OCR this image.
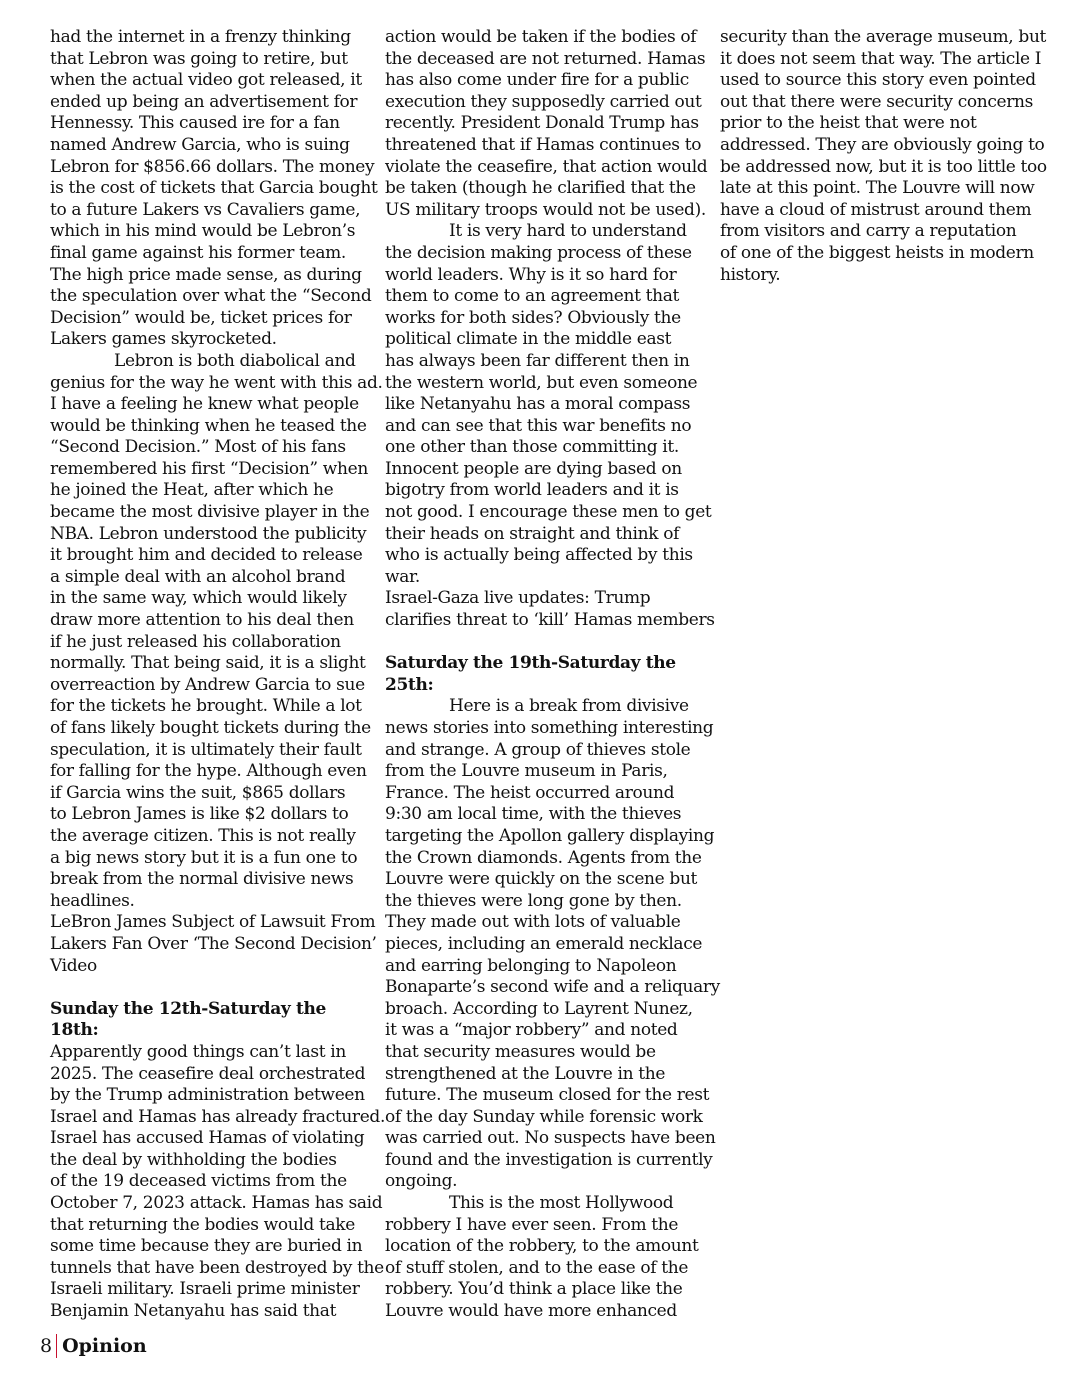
had the internet in a frenzy thinking
that Lebron was going to retire, but
when the actual video got released, it
ended up being an advertisement for
Hennessy. This caused ire for a fan
named Andrew Garcia, who is suing
Lebron for $856.66 dollars. The money
is the cost of tickets that Garcia bought
to a future Lakers vs Cavaliers game,
which in his mind would be Lebron’s
final game against his former team.
The high price made sense, as during
the speculation over what the “Second
Decision” would be, ticket prices for
Lakers games skyrocketed.
Lebron is both diabolical and
genius for the way he went with this ad.
I have a feeling he knew what people
would be thinking when he teased the
“Second Decision.” Most of his fans
remembered his first “Decision” when
he joined the Heat, after which he
became the most divisive player in the
NBA. Lebron understood the publicity
it brought him and decided to release
a simple deal with an alcohol brand
in the same way, which would likely
draw more attention to his deal then
if he just released his collaboration
normally. That being said, it is a slight
overreaction by Andrew Garcia to sue
for the tickets he brought. While a lot
of fans likely bought tickets during the
speculation, it is ultimately their fault
for falling for the hype. Although even
if Garcia wins the suit, $865 dollars
to Lebron James is like $2 dollars to
the average citizen. This is not really
a big news story but it is a fun one to
break from the normal divisive news
headlines.
LeBron James Subject of Lawsuit From
Lakers Fan Over ‘The Second Decision’
Video
Sunday the 12th-Saturday the
18th:
Apparently good things can’t last in
2025. The ceasefire deal orchestrated
by the Trump administration between
Israel and Hamas has already fractured.
Israel has accused Hamas of violating
the deal by withholding the bodies
of the 19 deceased victims from the
October 7, 2023 attack. Hamas has said
that returning the bodies would take
some time because they are buried in
tunnels that have been destroyed by the
Israeli military. Israeli prime minister
Benjamin Netanyahu has said that
action would be taken if the bodies of
the deceased are not returned. Hamas
has also come under fire for a public
execution they supposedly carried out
recently. President Donald Trump has
threatened that if Hamas continues to
violate the ceasefire, that action would
be taken (though he clarified that the
US military troops would not be used).
It is very hard to understand
the decision making process of these
world leaders. Why is it so hard for
them to come to an agreement that
works for both sides? Obviously the
political climate in the middle east
has always been far different then in
the western world, but even someone
like Netanyahu has a moral compass
and can see that this war benefits no
one other than those committing it.
Innocent people are dying based on
bigotry from world leaders and it is
not good. I encourage these men to get
their heads on straight and think of
who is actually being affected by this
war.
Israel-Gaza live updates: Trump
clarifies threat to ‘kill’ Hamas members
Saturday the 19th-Saturday the
25th:
Here is a break from divisive
news stories into something interesting
and strange. A group of thieves stole
from the Louvre museum in Paris,
France. The heist occurred around
9:30 am local time, with the thieves
targeting the Apollon gallery displaying
the Crown diamonds. Agents from the
Louvre were quickly on the scene but
the thieves were long gone by then.
They made out with lots of valuable
pieces, including an emerald necklace
and earring belonging to Napoleon
Bonaparte’s second wife and a reliquary
broach. According to Layrent Nunez,
it was a “major robbery” and noted
that security measures would be
strengthened at the Louvre in the
future. The museum closed for the rest
of the day Sunday while forensic work
was carried out. No suspects have been
found and the investigation is currently
ongoing.
This is the most Hollywood
robbery I have ever seen. From the
location of the robbery, to the amount
of stuff stolen, and to the ease of the
robbery. You’d think a place like the
Louvre would have more enhanced
security than the average museum, but
it does not seem that way. The article I
used to source this story even pointed
out that there were security concerns
prior to the heist that were not
addressed. They are obviously going to
be addressed now, but it is too little too
late at this point. The Louvre will now
have a cloud of mistrust around them
from visitors and carry a reputation
of one of the biggest heists in modern
history.
8 Opinion
